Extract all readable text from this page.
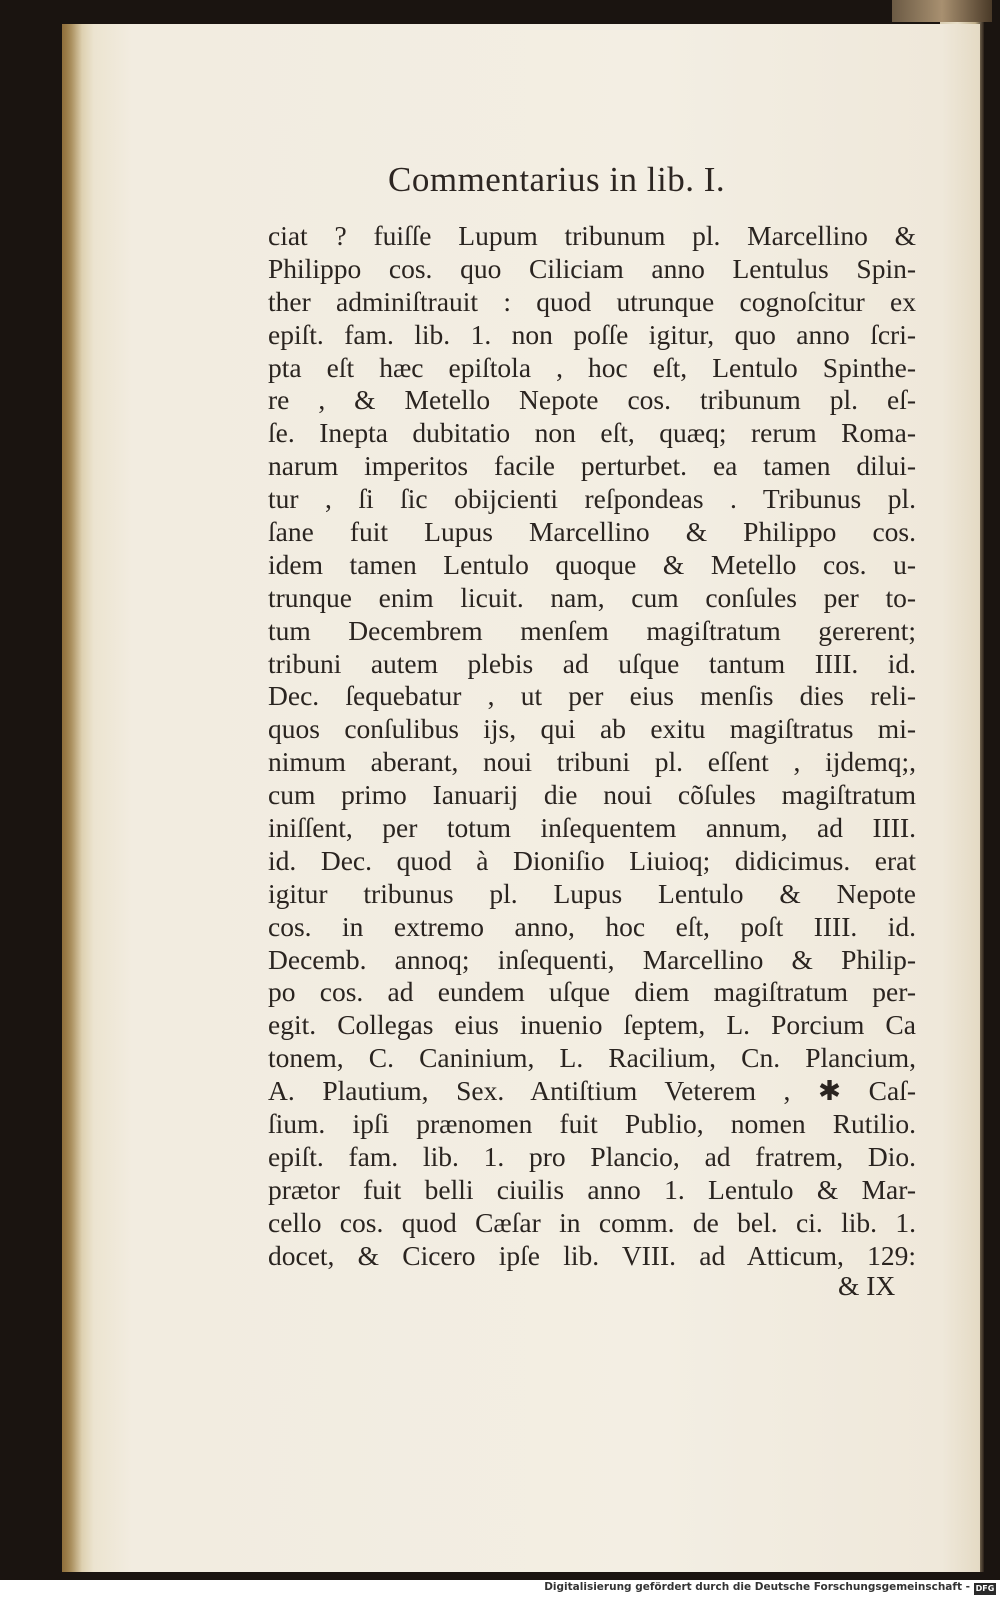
Commentarius in lib. I.
ciat ? fuiſſe Lupum tribunum pl. Marcellino &
Philippo cos. quo Ciliciam anno Lentulus Spin-
ther adminiſtrauit : quod utrunque cognoſcitur ex
epiſt. fam. lib. 1. non poſſe igitur, quo anno ſcri-
pta eſt hæc epiſtola , hoc eſt, Lentulo Spinthe-
re , & Metello Nepote cos. tribunum pl. eſ-
ſe. Inepta dubitatio non eſt, quæq; rerum Roma-
narum imperitos facile perturbet. ea tamen dilui-
tur , ſi ſic obijcienti reſpondeas . Tribunus pl.
ſane fuit Lupus Marcellino & Philippo cos.
idem tamen Lentulo quoque & Metello cos. u-
trunque enim licuit. nam, cum conſules per to-
tum Decembrem menſem magiſtratum gererent;
tribuni autem plebis ad uſque tantum IIII. id.
Dec. ſequebatur , ut per eius menſis dies reli-
quos conſulibus ijs, qui ab exitu magiſtratus mi-
nimum aberant, noui tribuni pl. eſſent , ijdemq;,
cum primo Ianuarij die noui cõſules magiſtratum
iniſſent, per totum inſequentem annum, ad IIII.
id. Dec. quod à Dioniſio Liuioq; didicimus. erat
igitur tribunus pl. Lupus Lentulo & Nepote
cos. in extremo anno, hoc eſt, poſt IIII. id.
Decemb. annoq; inſequenti, Marcellino & Philip-
po cos. ad eundem uſque diem magiſtratum per-
egit. Collegas eius inuenio ſeptem, L. Porcium Ca
tonem, C. Caninium, L. Racilium, Cn. Plancium,
A. Plautium, Sex. Antiſtium Veterem , ✱ Caſ-
ſium. ipſi prænomen fuit Publio, nomen Rutilio.
epiſt. fam. lib. 1. pro Plancio, ad fratrem, Dio.
prætor fuit belli ciuilis anno 1. Lentulo & Mar-
cello cos. quod Cæſar in comm. de bel. ci. lib. 1.
docet, & Cicero ipſe lib. VIII. ad Atticum, 129:
& IX
Digitalisierung gefördert durch die Deutsche Forschungsgemeinschaft - DFG
